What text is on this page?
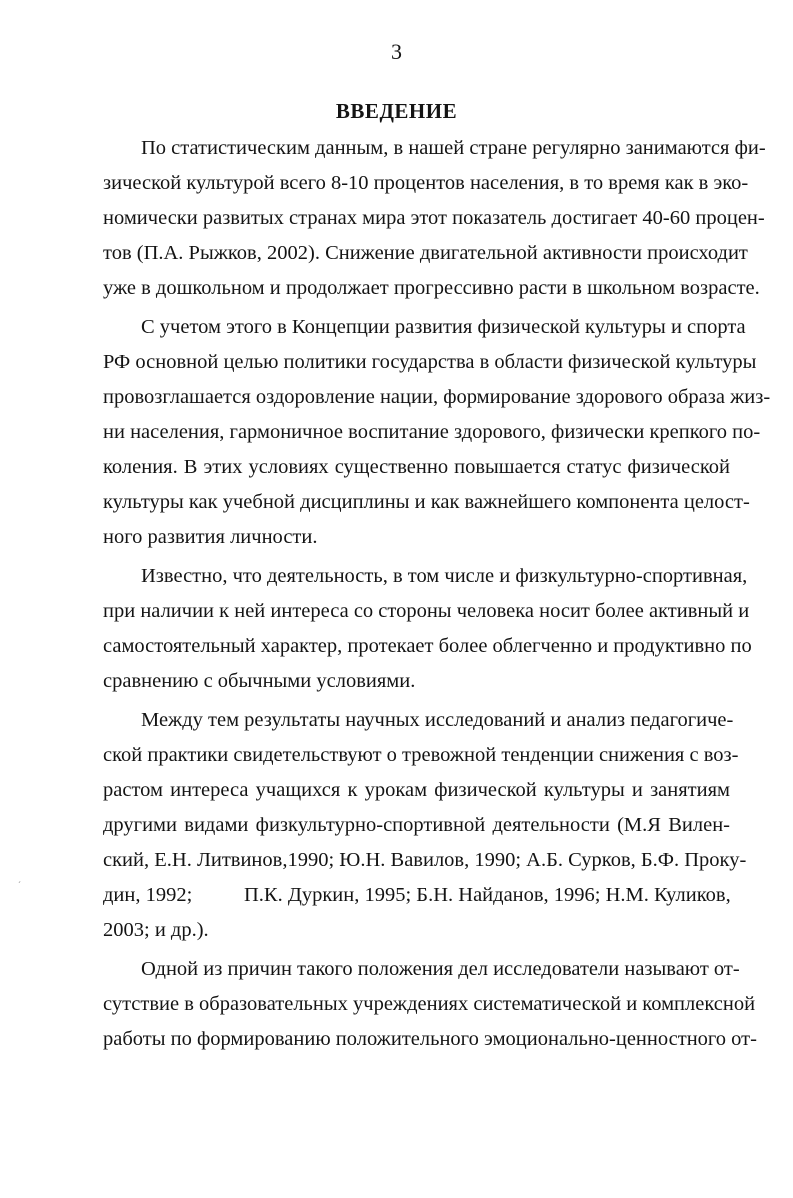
3
ВВЕДЕНИЕ
По статистическим данным, в нашей стране регулярно занимаются фи-
зической культурой всего 8-10 процентов населения, в то время как в эко-
номически развитых странах мира этот показатель достигает 40-60 процен-
тов (П.А. Рыжков, 2002). Снижение двигательной активности происходит
уже в дошкольном и продолжает прогрессивно расти в школьном возрасте.
С учетом этого в Концепции развития физической культуры и спорта
РФ основной целью политики государства в области физической культуры
провозглашается оздоровление нации, формирование здорового образа жиз-
ни населения, гармоничное воспитание здорового, физически крепкого по-
коления. В этих условиях существенно повышается статус физической
культуры как учебной дисциплины и как важнейшего компонента целост-
ного развития личности.
Известно, что деятельность, в том числе и физкультурно-спортивная,
при наличии к ней интереса со стороны человека носит более активный и
самостоятельный характер, протекает более облегченно и продуктивно по
сравнению с обычными условиями.
Между тем результаты научных исследований и анализ педагогиче-
ской практики свидетельствуют о тревожной тенденции снижения с воз-
растом интереса учащихся к урокам физической культуры и занятиям
другими видами физкультурно-спортивной деятельности (М.Я Вилен-
ский, Е.Н. Литвинов,1990; Ю.Н. Вавилов, 1990; А.Б. Сурков, Б.Ф. Проку-
дин, 1992;	П.К. Дуркин, 1995; Б.Н. Найданов, 1996; Н.М. Куликов,
2003; и др.).
Одной из причин такого положения дел исследователи называют от-
сутствие в образовательных учреждениях систематической и комплексной
работы по формированию положительного эмоционально-ценностного от-
´
